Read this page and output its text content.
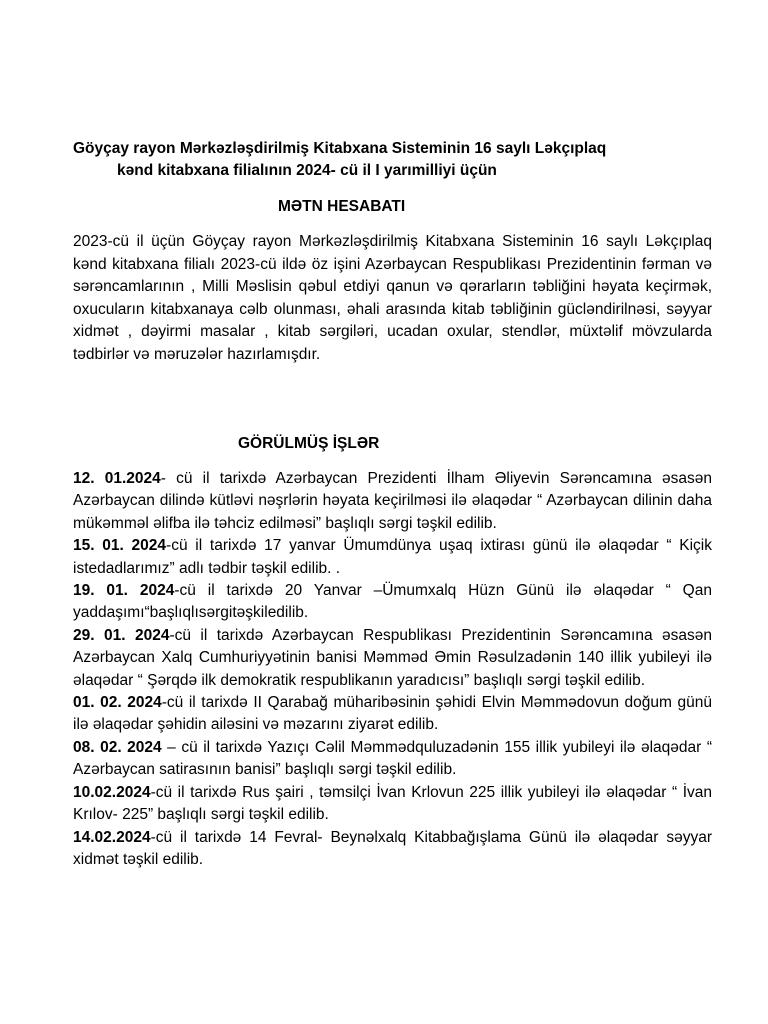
Göyçay rayon Mərkəzləşdirilmiş Kitabxana Sisteminin 16 saylı Ləkçıplaq
kənd kitabxana filialının 2024- cü il I yarımilliyi üçün
MƏTN HESABATI

2023-cü il üçün Göyçay rayon Mərkəzləşdirilmiş Kitabxana Sisteminin 16 saylı Ləkçıplaq kənd kitabxana filialı 2023-cü ildə öz işini Azərbaycan Respublikası Prezidentinin fərman və sərəncamlarının , Milli Məslisin qəbul etdiyi qanun və qərarların təbliğini həyata keçirmək, oxucuların kitabxanaya cəlb olunması, əhali arasında kitab təbliğinin gücləndirilnəsi, səyyar xidmət , dəyirmi masalar , kitab sərgiləri, ucadan oxular, stendlər, müxtəlif mövzularda tədbirlər və məruzələr hazırlamışdır.

GÖRÜLMÜŞ İŞLƏR
12. 01.2024- cü il tarixdə Azərbaycan Prezidenti İlham Əliyevin Sərəncamına əsasən Azərbaycan dilində kütləvi nəşrlərin həyata keçirilməsi ilə əlaqədar “ Azərbaycan dilinin daha mükəmməl əlifba ilə təhciz edilməsi” başlıqlı sərgi təşkil edilib.
15. 01. 2024-cü il tarixdə 17 yanvar Ümumdünya uşaq ixtirası günü ilə əlaqədar “ Kiçik istedadlarımız” adlı tədbir təşkil edilib. .
19. 01. 2024-cü il tarixdə 20 Yanvar –Ümumxalq Hüzn Günü ilə əlaqədar “ Qan yaddaşımı“başlıqlısərgitəşkiledilib.
29. 01. 2024-cü il tarixdə Azərbaycan Respublikası Prezidentinin Sərəncamına əsasən Azərbaycan Xalq Cumhuriyyətinin banisi Məmməd Əmin Rəsulzadənin 140 illik yubileyi ilə əlaqədar “ Şərqdə ilk demokratik respublikanın yaradıcısı” başlıqlı sərgi təşkil edilib.
01. 02. 2024-cü il tarixdə II Qarabağ müharibəsinin şəhidi Elvin Məmmədovun doğum günü ilə əlaqədar şəhidin ailəsini və məzarını ziyarət edilib.
08. 02. 2024 – cü il tarixdə Yazıçı Cəlil Məmmədquluzadənin 155 illik yubileyi ilə əlaqədar “ Azərbaycan satirasının banisi” başlıqlı sərgi təşkil edilib.
10.02.2024-cü il tarixdə Rus şairi , təmsilçi İvan Krlovun 225 illik yubileyi ilə əlaqədar “ İvan Krılov- 225” başlıqlı sərgi təşkil edilib.
14.02.2024-cü il tarixdə 14 Fevral- Beynəlxalq Kitabbağışlama Günü ilə əlaqədar səyyar xidmət təşkil edilib.
